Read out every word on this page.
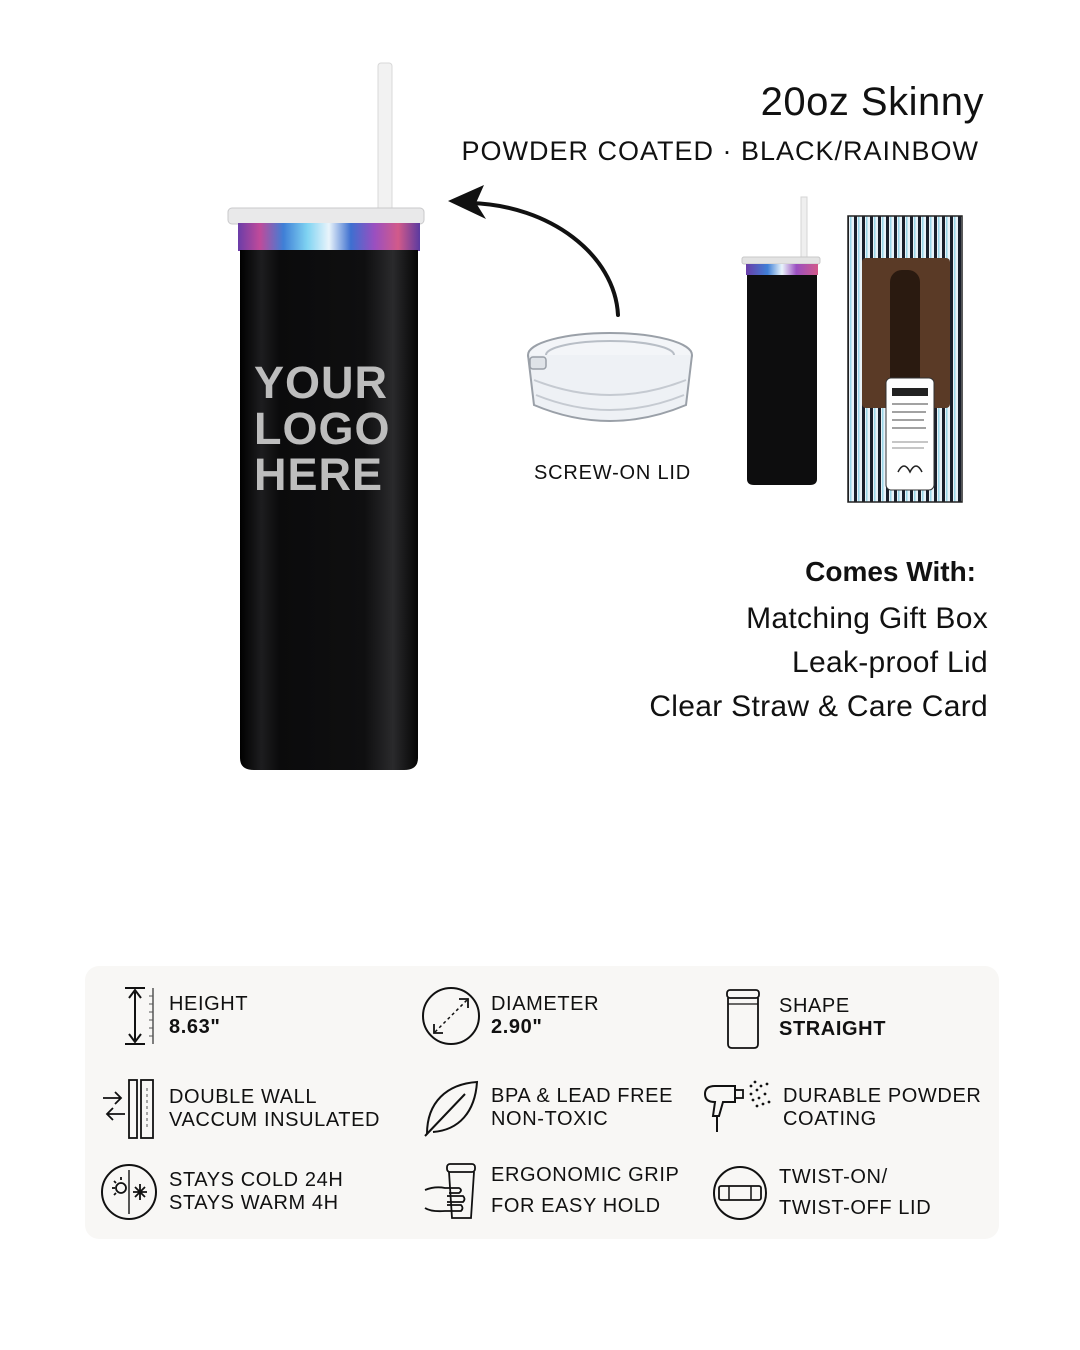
20oz Skinny
POWDER COATED · BLACK/RAINBOW
YOUR
LOGO
HERE	SCREW-ON LID
Comes With:
Matching Gift Box
Leak-proof Lid
Clear Straw & Care Card
HEIGHT
8.63"
DIAMETER
2.90"
SHAPE
STRAIGHT
DOUBLE WALL
VACCUM INSULATED
BPA & LEAD FREE
NON-TOXIC
DURABLE POWDER
COATING
STAYS COLD 24H
STAYS WARM 4H
ERGONOMIC GRIP
FOR EASY HOLD
TWIST-ON/
TWIST-OFF LID
